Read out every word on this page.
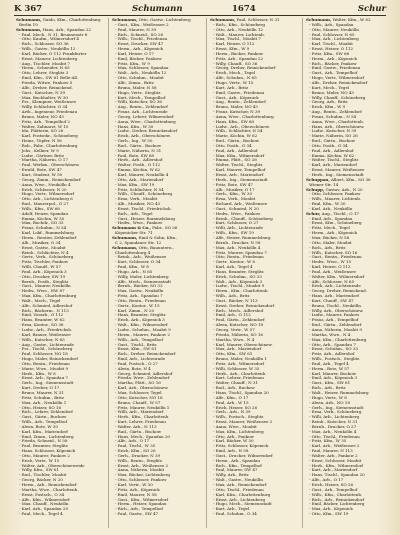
K 367	Schumann	1674	Schur
Schumann, Guido, Kfm., Charlottenburg
Berlin 19
Schumann, Hans, Arb., Spandau 22
- Paul, Mech., N 31, Brunnenstr 8
- Otto, Kaufm., Wilmersdorf 4
- Rich., Schlosser, SO 36
- Wilh., Gastw., Neukölln 12
- Karl, Bäcker, O 112 Frankfurter
- Ernst, Maurer, Lichtenberg
- Aug., Tischler, Moabit 7
- Herm., Schneider, N 65
- Otto, Lehrer, Steglitz 3
- Emil, Kfm., SW 61 Belle-All.
- Frieda, Witwe, Pankow 5
- Alfr., Dreher, Reinickend.
- Gust., Kutscher, N 39
- Max, Buchhalter, W 30
- Frz., Klempner, Weißensee
- Willy, Schlächter, O 34
- Arth., Ingenieur, Friedenau
- Bruno, Maler, NO 43
- Fritz, Arb., Tempelhof 2
- Walter, Zahnarzt, W 15
- Ida, Plätterin, SO 26
- Karl, Postsekr., Schöneberg
- Heinr., Töpfer, N 58
- Rob., Fabr., Charlottenburg
- Johs., Kellner, W 9
- Ludw., Gärtner, Britz
- Martha, Näherin, O 17
- Paul, Werkm., Oberschönew.
- Ewald, Bote, SW 47
- Kurt, Student, W 50
- Georg, Zimm., Reinickendorf
- Anna, Wwe., Neukölln 4
- Erich, Schlosser, N 20
- Hugo, Vertr., Wilmersdorf
- Otto, Arb., Lichtenberg 6
- Rud., Maurerpol., O 27
- Wilh., Kfm., SW 68
- Adolf, Heizer, Spandau
- Emma, Köchin, W 35
- Max, Buchdr., SO 33
- Franz, Schuhm., N 54
- Karl, Lokf., Rummelsburg
- Herm., Rentier, Zehlendorf
- Alb., Musiker, O 34
- Ernst, Gastw., Moabit
- Reinh., Schlächter, N 4
- Gertr., Verk., Schöneberg
- Fritz, Tischler, Pankow
- Willi, Chauff., W 57
- Paul, Arb., Köpenick 3
- Otto, Drucker, SW 19
- Bernh., Postb., Steglitz
- Gust., Maurer, Neukölln
- Hedw., Wwe., NW 87
- Max, Kfm., Charlottenburg
- Walt., Mech., Tegel
- Alfr., Schmied, Adlershof
- Rich., Bäckerm., N 113
- Emil, Vorarb., O 112
- Hans, Beamter, W 62
- Erna, Kontor., SO 36
- Ludw., Arb., Friedrichsh.
- Karl, Brauer, Weißensee
- Wilh., Kutscher, N 65
- Aug., Gastw., Lichtenrade
- Frz., Tischl., Schöneberg
- Paul, Schlosser, NO 18
- Hugo, Maler, Reinickendorf
- Otto, Rentn., Friedenau
- Marie, Wwe., Moabit 9
- Herb., Kfm., W 8
- Ernst, Arb., Spandau 7
- Gerh., Ing., Siemensstadt
- Kurt, Dreher, O 17
- Bruno, Maurer, N 31
- Fritz, Schuhm., Britz
- Max, Arb., Neukölln 1
- Otto, Heizer, SO 16
- Rich., Lehrer, Zehlendorf
- Gust., Gärtn., Buckow
- Wilh., Arb., Tempelhof
- Alwin, Bote, W 30
- Karl, Kfm., Mariendorf
- Emil, Zimm., Lichtenberg
- Frieda, Schneid., N 58
- Paul, Beamter, Steglitz
- Hans, Schlosser, Köpenick
- Otto, Maurer, Pankow 2
- Erich, Vertr., W 15
- Walter, Arb., Oberschöneweide
- Willy, Kfm., SW 61
- Rud., Tischler, Moabit
- Georg, Bäcker, N 20
- Herm., Arb., Reinickendorf
- Martha, Wwe., Charlottenb.
- Ernst, Postsch., O 34
- Alfr., Kfm., Wilmersdorf
- Max, Chauff., Neukölln
- Karl, Arb., Spandau 20
- Paul, Mech., Tegel 4
Schumann, Otto, Gastw., Lichtenberg
- Gust., Kfm., Weißensee 2
- Paul, Maurer, N 39
- Rich., Schneid., SO 26
- Wilh., Tischl., Friedenau
- Ernst, Drucker, SW 47
- Herm., Arb., Köpenick
- Karl, Heizer, O 17
- Emil, Bäcker, Pankow
- Fritz, Kfm., W 9
- Max, Schlosser, Spandau
- Walt., Arb., Neukölln 12
- Otto, Schuhm., Moabit
- Alfr., Zimm., Britz
- Bruno, Maler, N 58
- Hugo, Vertr., Steglitz
- Kurt, Mech., Tempelhof
- Willi, Kutscher, SO 36
- Aug., Rentn., Zehlendorf
- Franz, Arb., Lichtenrade
- Georg, Lehrer, Wilmersdorf
- Anna, Wwe., Charlottenburg
- Hans, Kfm., W 30
- Ludw., Dreher, Reinickendorf
- Erich, Arb., Oberschönew.
- Gerh., Ing., W 50
- Rud., Gärtn., Buckow
- Marie, Näherin, N 31
- Paul, Bote, SW 68
- Herb., Arb., Adlershof
- Walter, Postb., O 112
- Emma, Köchin, W 62
- Karl, Maurer, Neukölln 4
- Otto, Arb., Mariendorf
- Max, Kfm., SW 19
- Fritz, Schlächter, N 54
- Wilh., Chauff., Schöneberg
- Erna, Verk., Moabit
- Alb., Musiker, NO 43
- Ernst, Tischl., Friedrichsh.
- Rich., Arb., Tegel
- Gust., Heizer, Rummelsburg
- Hedw., Wwe., Pankow
Schumann & Co., Fabr., SO 36
Köpenicker Str. 71
Schumann, Emil & Sohn, Kfm.,
C 2, Spandauer Str. 12
Schumann, Otto, Bauuntern.,
Charlottenburg 4
- Reinh., Arb., Weißensee
- Kurt, Schlosser, O 34
- Paul, Kfm., W 8
- Hugo, Arb., N 65
- Willy, Maler, Lichtenberg
- Alfr., Mech., Siemensstadt
- Bernh., Bäcker, SO 33
- Max, Gastw., Neukölln
- Fritz, Arb., Spandau 7
- Otto, Rentn., Friedenau
- Gertr., Kontor., W 15
- Karl, Zimm., N 20
- Hans, Beamter, Steglitz
- Erich, Arb., Köpenick 3
- Walt., Kfm., Wilmersdorf
- Ludw., Schuhm., Moabit 9
- Herm., Maurer, Pankow 2
- Wilh., Arb., Tempelhof
- Gust., Tischl., Britz
- Ernst, Kfm., SW 61
- Rich., Dreher, Reinickendorf
- Emil, Arb., Lichtenrade
- Paul, Postsch., O 27
- Alwin, Bote, N 4
- Georg, Schmied, Adlershof
- Frieda, Wwe., Zehlendorf
- Martha, Plätt., SO 16
- Karl, Arb., Oberschönew.
- Max, Schlosser, Tegel
- Otto, Kutscher, NO 18
- Bruno, Chauff., W 57
- Fritz, Maurer, Neukölln 1
- Willi, Arb., Mariendorf
- Herb., Kfm., Charlottenb.
- Kurt, Lehrer, Friedenau
- Walter, Arb., N 113
- Rud., Gärtn., Buckow
- Hans, Mech., Spandau 20
- Alfr., Arb., O 17
- Paul, Tischl., W 35
- Erich, Kfm., SO 26
- Gerh., Drucker, N 39
- Wilh., Rentn., Steglitz
- Ernst, Arb., Weißensee 2
- Anna, Näherin, Moabit
- Max, Bäcker, Lichtenberg
- Otto, Schlosser, Pankow
- Karl, Vertr., W 30
- Fritz, Arb., Köpenick
- Emil, Maurer, N 58
- Gust., Kfm., Wilmersdorf
- Herm., Heizer, Spandau
- Rich., Arb., Tempelhof
- Paul, Gastw., SW 47
Schumann, Paul, Schlosser, N 31
- Rich., Kfm., Schöneberg
- Otto, Arb., Neukölln 12
- Walt., Maurer, Lichtenb.
- Max, Tischl., Moabit 7
- Karl, Heizer, O 112
- Ernst, Kfm., W 9
- Herm., Bäcker, Pankow
- Fritz, Arb., Spandau 22
- Willy, Chauff., SO 36
- Georg, Dreher, Reinickendorf
- Erich, Mech., Tegel
- Alfr., Schuhm., N 65
- Hugo, Vertr., W 15
- Kurt, Arb., Britz
- Emil, Gastw., Friedenau
- Gust., Arb., Köpenick
- Aug., Rentn., Zehlendorf
- Bruno, Maler, NO 43
- Franz, Kutscher, N 39
- Anna, Wwe., Charlottenburg
- Hans, Kfm., SW 68
- Ludw., Arb., Oberschönew.
- Wilh., Schlächter, N 54
- Marie, Köchin, W 62
- Rud., Gärtn., Buckow
- Otto, Postb., O 34
- Paul, Arb., Adlershof
- Max, Kfm., Wilmersdorf
- Emma, Plätt., SO 26
- Walter, Tischl., Steglitz
- Karl, Maurer, Tempelhof
- Ernst, Arb., Mariendorf
- Herb., Ing., Siemensstadt
- Fritz, Bote, SW 47
- Alb., Musiker, O 17
- Gerh., Kfm., W 30
- Erna, Verk., Moabit
- Richard, Arb., Weißensee
- Gust., Schmied, N 20
- Hedw., Wwe., Pankow
- Reinh., Chauff., Schöneberg
- Kurt, Schlosser, O 27
- Willi, Arb., Lichtenrade
- Wilh., Kfm., SW 19
- Alfr., Heizer, Rummelsburg
- Bernh., Drucker, N 58
- Max, Arb., Neukölln 4
- Fritz, Maurer, Spandau 7
- Otto, Rentn., Friedenau
- Gertr., Kontor., W 8
- Karl, Arb., Tegel 4
- Hans, Beamter, Steglitz
- Erich, Schuhm., SO 33
- Walt., Arb., Köpenick 3
- Ludw., Tischl., Moabit 9
- Herm., Kfm., Charlottenb.
- Wilh., Arb., Britz
- Gust., Bäcker, N 113
- Ernst, Dreher, Reinickendorf
- Rich., Mech., Adlershof
- Emil, Arb., O 112
- Paul, Gärtn., Zehlendorf
- Alwin, Kutscher, NO 18
- Georg, Vertr., W 57
- Frieda, Näherin, SO 16
- Martha, Wwe., N 4
- Karl, Maurer, Oberschönew.
- Max, Arb., Mariendorf
- Otto, Kfm., SW 61
- Bruno, Maler, Neukölln 1
- Fritz, Arb., Wilmersdorf
- Willi, Schlosser, W 35
- Herb., Arb., Charlottenb.
- Kurt, Lehrer, Friedenau
- Walter, Chauff., N 31
- Rud., Arb., Buckow
- Hans, Tischl., Spandau 20
- Alfr., Kfm., O 17
- Paul, Arb., W 15
- Erich, Heizer, SO 26
- Gerh., Arb., N 39
- Wilh., Postsch., Steglitz
- Ernst, Maurer, Weißensee 2
- Anna, Wwe., Moabit
- Max, Kfm., Lichtenberg
- Otto, Arb., Pankow
- Karl, Bäcker, W 30
- Fritz, Schlosser, Köpenick
- Emil, Arb., N 58
- Gust., Drucker, Wilmersdorf
- Herm., Arb., Spandau
- Rich., Kfm., Tempelhof
- Paul, Maurer, SW 47
- Willy, Arb., Britz
- Walt., Gastw., Neukölln
- Max, Arb., Reinickendorf
- Otto, Tischl., Friedenau
- Karl, Kfm., Charlottenburg
- Ernst, Arb., Lichtenberg
- Hugo, Mech., Siemensstadt
- Kurt, Arb., Tegel
- Paul, Schuhm., O 34
Schumann, Walter, Kfm., W 62
- Wilh., Arb., Spandau
- Otto, Maurer, Neukölln
- Paul, Schlosser, N 65
- Max, Arb., Lichtenberg
- Karl, Tischl., Moabit
- Ernst, Heizer, O 112
- Fritz, Kfm., SW 68
- Herm., Arb., Köpenick
- Rich., Bäcker, Pankow
- Emil, Gastw., Friedenau
- Gust., Arb., Tempelhof
- Hugo, Vertr., Wilmersdorf
- Alfr., Dreher, Reinickendorf
- Kurt, Mech., Tegel
- Bruno, Maler, NO 43
- Willy, Chauff., Schöneberg
- Georg, Arb., Britz
- Erich, Kfm., W 9
- Aug., Rentn., Zehlendorf
- Franz, Schuhm., N 54
- Anna, Wwe., Charlottenb.
- Hans, Arb., Oberschönew.
- Ludw., Kutscher, N 39
- Marie, Näherin, SO 26
- Rud., Gärtn., Buckow
- Otto, Postb., O 34
- Paul, Arb., Adlershof
- Emma, Köchin, W 62
- Walter, Tischl., Steglitz
- Karl, Arb., Mariendorf
- Ernst, Maurer, Weißensee
- Herb., Ing., Siemensstadt
Schuppan, Albert, Kfm., SO 36
Wiener Str. 14
Schupp, Gustav, Arb., N 20
- Otto, Schlosser, Pankow
- Wilh., Maurer, Lichtenb.
- Paul, Kfm., W 30
- Karl, Arb., Neukölln
Schur, Aug., Tischl., O 17
- Emil, Arb., Spandau
- Ernst, Kfm., Schöneberg
- Fritz, Mech., Tegel
- Herm., Arb., Köpenick
- Max, Bäcker, N 58
- Otto, Maler, Moabit
- Rich., Arb., Britz
- Wilh., Kutscher, SO 16
- Gust., Rentn., Friedenau
- Hedw., Wwe., W 15
- Karl, Heizer, O 112
- Paul, Arb., Weißensee
- Walter, Kfm., Wilmersdorf
- Alfr., Schlosser, N 65
- Erich, Arb., Lichtenrade
- Georg, Dreher, Reinickend.
- Hans, Arb., Mariendorf
- Kurt, Chauff., SW 47
- Bruno, Tischl., Neukölln
- Willy, Arb., Oberschönew.
- Ludw., Maurer, Pankow
- Franz, Arb., Tempelhof
- Rud., Gärtn., Zehlendorf
- Anna, Näherin, Moabit 9
- Martha, Wwe., N 4
- Max, Kfm., Charlottenburg
- Otto, Arb., Spandau 7
- Ernst, Schuhm., SO 33
- Fritz, Arb., Adlershof
- Wilh., Postsch., Steglitz
- Paul, Arb., Tegel 4
- Herm., Bote, W 57
- Karl, Maurer, Buckow
- Emil, Arb., Köpenick 3
- Gust., Kfm., SW 61
- Rich., Arb., Britz
- Walt., Heizer, Rummelsburg
- Hugo, Vertr., W 8
- Alwin, Arb., NO 18
- Gerh., Ing., Siemensstadt
- Erna, Verk., Schöneberg
- Willi, Arb., Lichtenberg
- Reinh., Kutscher, N 31
- Bernh., Drucker, O 27
- Max, Arb., Neukölln 4
- Otto, Tischl., Friedenau
- Fritz, Kfm., W 35
- Karl, Arb., Weißensee 2
- Paul, Maurer, N 113
- Walter, Arb., Pankow 2
- Ernst, Schlosser, Moabit
- Herb., Kfm., Wilmersdorf
- Kurt, Arb., Mariendorf
- Hans, Tischl., Spandau 20
- Alfr., Arb., O 17
- Erich, Heizer, SO 26
- Gust., Arb., Tempelhof
- Wilh., Kfm., Charlottenb.
- Rich., Arb., Reinickendorf
- Emil, Bäcker, Lichtenberg
- Max, Arb., Köpenick
- Otto, Kfm., SW 19
